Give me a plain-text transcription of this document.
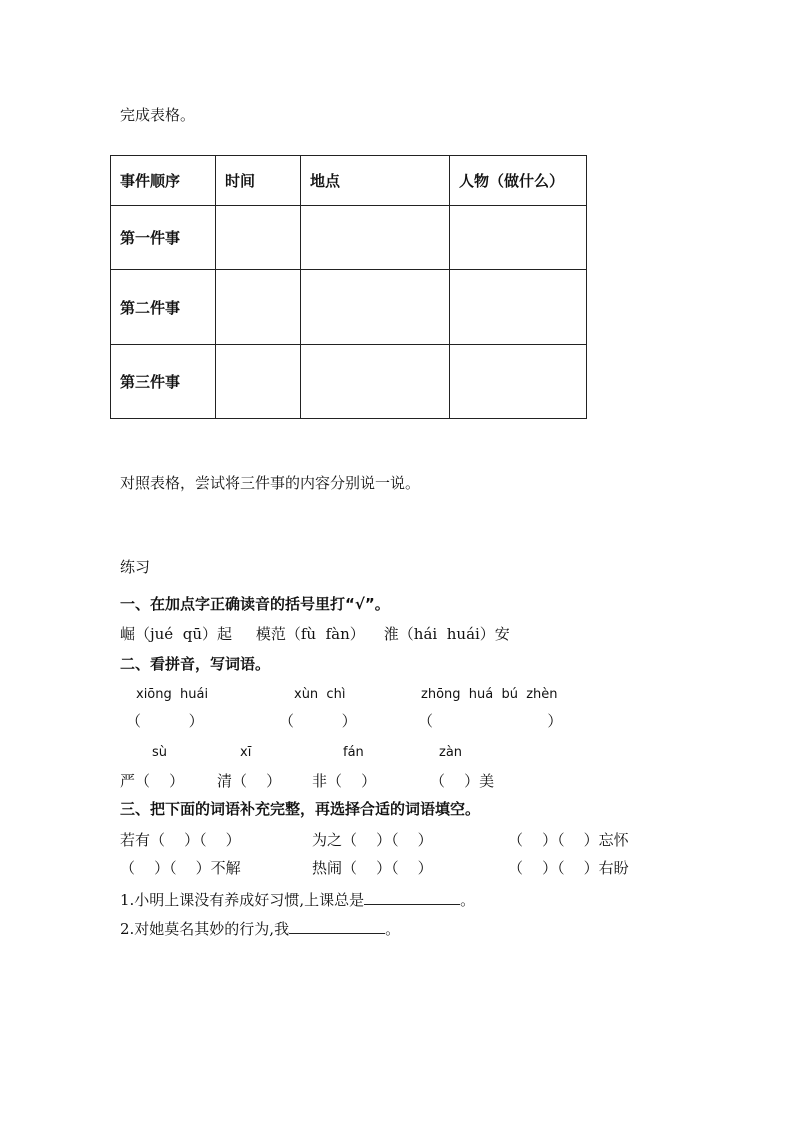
完成表格。
事件顺序	时间	地点	人物（做什么）
第一件事			
第二件事			
第三件事			
对照表格，尝试将三件事的内容分别说一说。
练习
一、在加点字正确读音的括号里打“√”。
崛（jué  qū）起     模范（fù  fàn）    淮（hái  huái）安
二、看拼音，写词语。
xiōng  huái	xùn  chì	zhōng  huá  bú  zhèn
（          ）	（          ）	（                        ）
sù	xī	fán	zàn
严（    ） 清（    ） 非（    ）	（    ）美
三、把下面的词语补充完整，再选择合适的词语填空。
若有（    ）（    ）	为之（    ）（    ）	（    ）（    ）忘怀
（    ）（    ）不解	热闹（    ）（    ）	（    ）（    ）右盼
1.小明上课没有养成好习惯,上课总是	。
2.对她莫名其妙的行为,我	。
